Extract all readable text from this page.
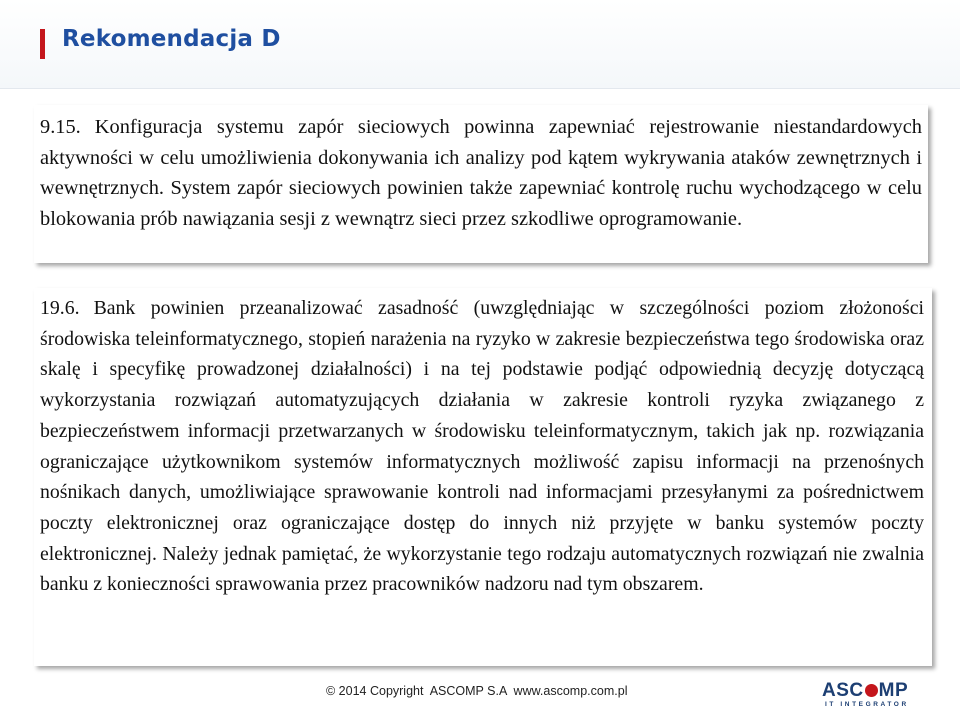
Rekomendacja D
9.15. Konfiguracja systemu zapór sieciowych powinna zapewniać rejestrowanie niestandardowych aktywności w celu umożliwienia dokonywania ich analizy pod kątem wykrywania ataków zewnętrznych i wewnętrznych. System zapór sieciowych powinien także zapewniać kontrolę ruchu wychodzącego w celu blokowania prób nawiązania sesji z wewnątrz sieci przez szkodliwe oprogramowanie.
19.6. Bank powinien przeanalizować zasadność (uwzględniając w szczególności poziom złożoności środowiska teleinformatycznego, stopień narażenia na ryzyko w zakresie bezpieczeństwa tego środowiska oraz skalę i specyfikę prowadzonej działalności) i na tej podstawie podjąć odpowiednią decyzję dotyczącą wykorzystania rozwiązań automatyzujących działania w zakresie kontroli ryzyka związanego z bezpieczeństwem informacji przetwarzanych w środowisku teleinformatycznym, takich jak np. rozwiązania ograniczające użytkownikom systemów informatycznych możliwość zapisu informacji na przenośnych nośnikach danych, umożliwiające sprawowanie kontroli nad informacjami przesyłanymi za pośrednictwem poczty elektronicznej oraz ograniczające dostęp do innych niż przyjęte w banku systemów poczty elektronicznej. Należy jednak pamiętać, że wykorzystanie tego rodzaju automatycznych rozwiązań nie zwalnia banku z konieczności sprawowania przez pracowników nadzoru nad tym obszarem.
© 2014 Copyright  ASCOMP S.A  www.ascomp.com.pl	ASC MP
IT INTEGRATOR
